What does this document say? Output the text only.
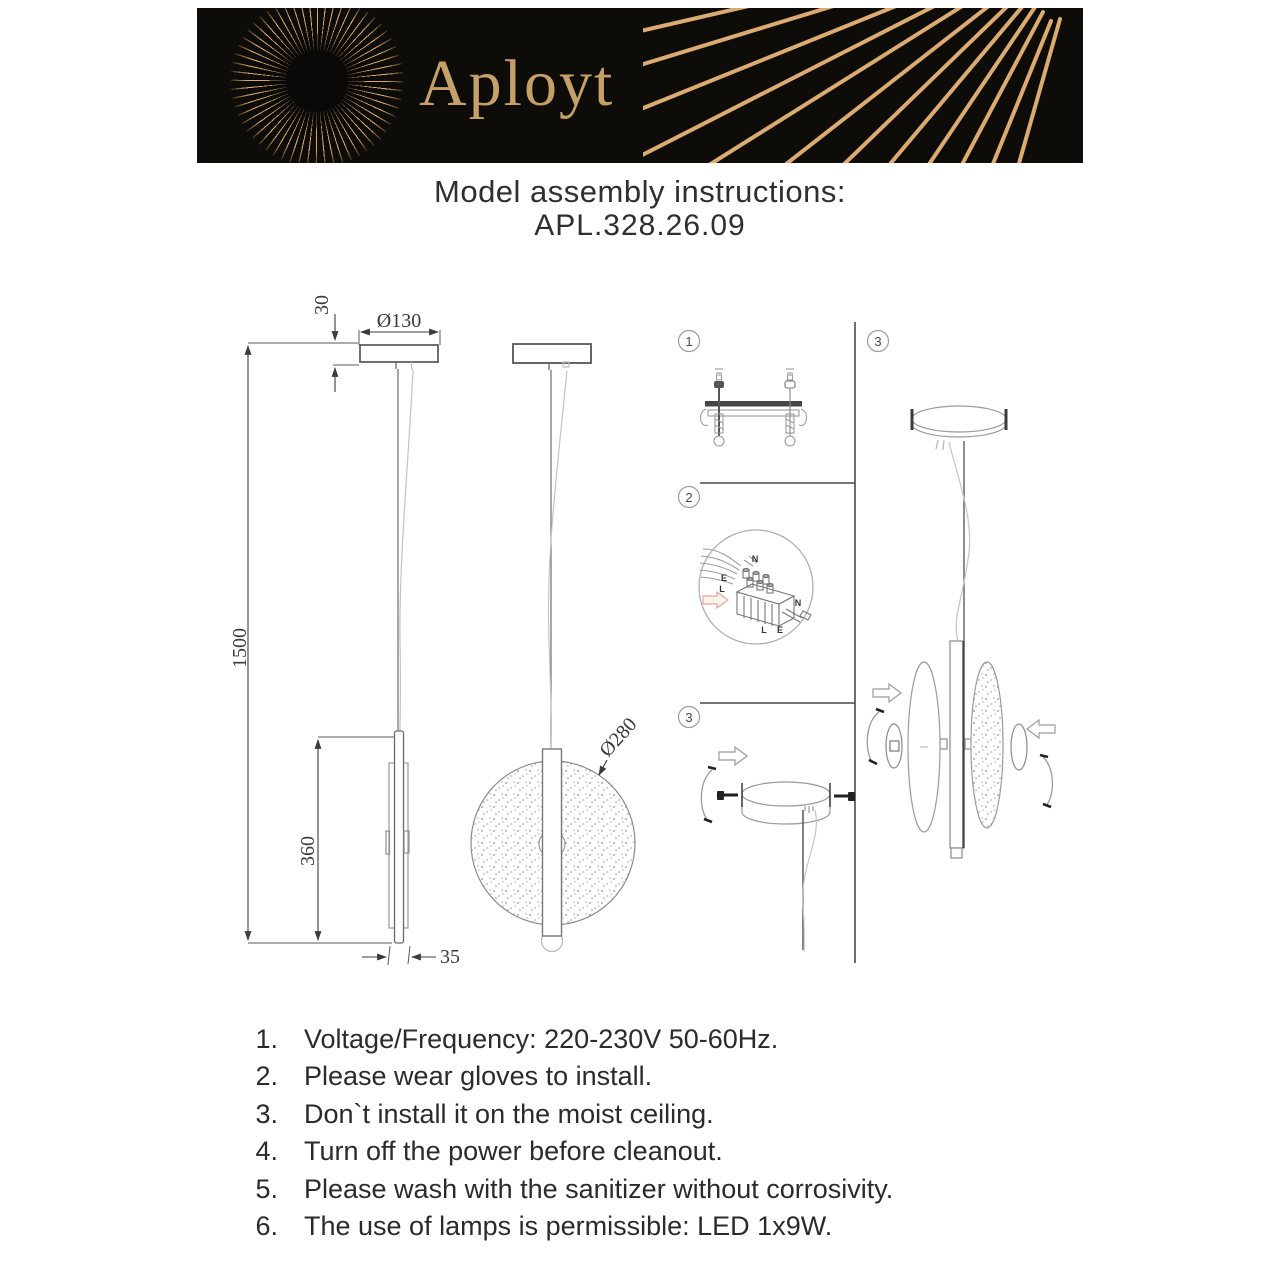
Aployt
Model assembly instructions:
APL.328.26.09
1500
360
30
Ø130
35
Ø280
1
2
3
3
N
E
L
N
L E
1. Voltage/Frequency: 220-230V 50-60Hz.
2. Please wear gloves to install.
3. Don`t install it on the moist ceiling.
4. Turn off the power before cleanout.
5. Please wash with the sanitizer without corrosivity.
6. The use of lamps is permissible: LED 1x9W.
